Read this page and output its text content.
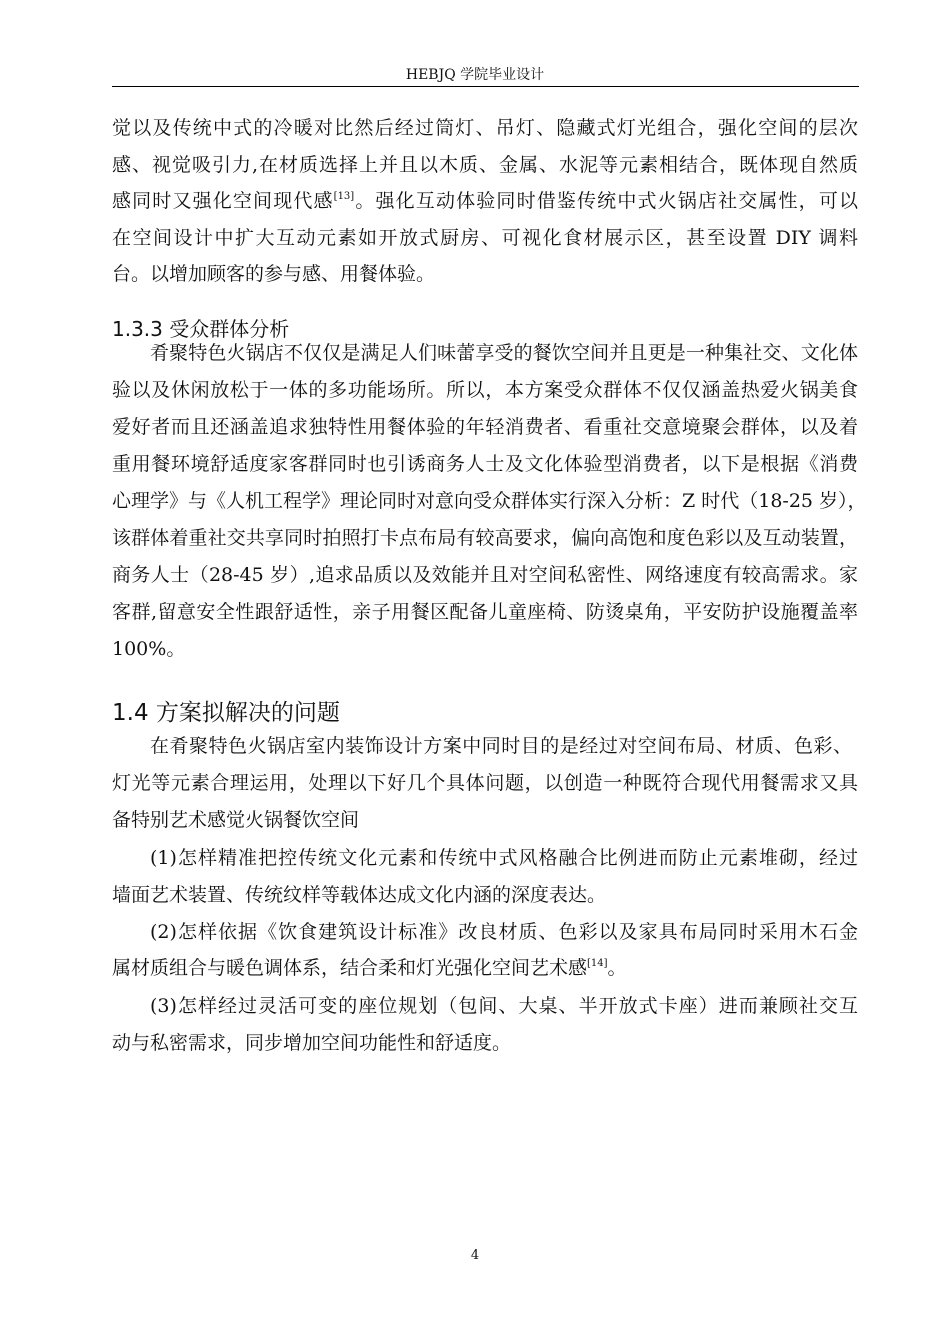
HEBJQ 学院毕业设计
觉以及传统中式的冷暖对比然后经过筒灯、吊灯、隐藏式灯光组合，强化空间的层次
感、视觉吸引力,在材质选择上并且以木质、金属、水泥等元素相结合，既体现自然质
感同时又强化空间现代感[13]。强化互动体验同时借鉴传统中式火锅店社交属性，可以
在空间设计中扩大互动元素如开放式厨房、可视化食材展示区，甚至设置 DIY 调料
台。以增加顾客的参与感、用餐体验。
1.3.3 受众群体分析
肴聚特色火锅店不仅仅是满足人们味蕾享受的餐饮空间并且更是一种集社交、文化体
验以及休闲放松于一体的多功能场所。所以，本方案受众群体不仅仅涵盖热爱火锅美食
爱好者而且还涵盖追求独特性用餐体验的年轻消费者、看重社交意境聚会群体，以及着
重用餐环境舒适度家客群同时也引诱商务人士及文化体验型消费者，以下是根据《消费
心理学》与《人机工程学》理论同时对意向受众群体实行深入分析：Z 时代（18-25 岁），
该群体着重社交共享同时拍照打卡点布局有较高要求，偏向高饱和度色彩以及互动装置，
商务人士（28-45 岁）,追求品质以及效能并且对空间私密性、网络速度有较高需求。家
客群,留意安全性跟舒适性，亲子用餐区配备儿童座椅、防烫桌角，平安防护设施覆盖率
100%。
1.4 方案拟解决的问题
在肴聚特色火锅店室内装饰设计方案中同时目的是经过对空间布局、材质、色彩、
灯光等元素合理运用，处理以下好几个具体问题，以创造一种既符合现代用餐需求又具
备特别艺术感觉火锅餐饮空间
(1)怎样精准把控传统文化元素和传统中式风格融合比例进而防止元素堆砌，经过
墙面艺术装置、传统纹样等载体达成文化内涵的深度表达。
(2)怎样依据《饮食建筑设计标准》改良材质、色彩以及家具布局同时采用木石金
属材质组合与暖色调体系，结合柔和灯光强化空间艺术感[14]。
(3)怎样经过灵活可变的座位规划（包间、大桌、半开放式卡座）进而兼顾社交互
动与私密需求，同步增加空间功能性和舒适度。
4
